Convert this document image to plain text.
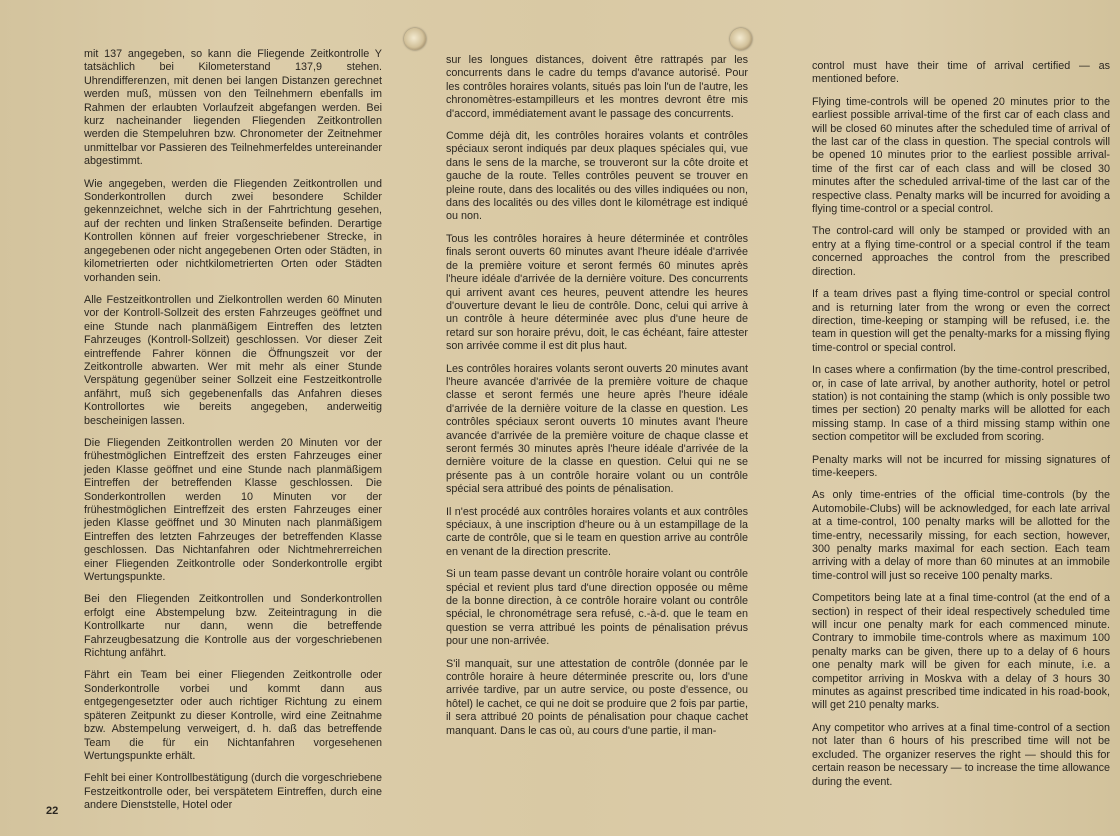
mit 137 angegeben, so kann die Fliegende Zeitkontrolle Y tatsächlich bei Kilometerstand 137,9 stehen. Uhrendifferenzen, mit denen bei langen Distanzen gerechnet werden muß, müssen von den Teilnehmern ebenfalls im Rahmen der erlaubten Vorlaufzeit abgefangen werden. Bei kurz nacheinander liegenden Fliegenden Zeitkontrollen werden die Stempeluhren bzw. Chronometer der Zeitnehmer unmittelbar vor Passieren des Teilnehmerfeldes untereinander abgestimmt.

Wie angegeben, werden die Fliegenden Zeitkontrollen und Sonderkontrollen durch zwei besondere Schilder gekennzeichnet, welche sich in der Fahrtrichtung gesehen, auf der rechten und linken Straßenseite befinden. Derartige Kontrollen können auf freier vorgeschriebener Strecke, in angegebenen oder nicht angegebenen Orten oder Städten, in kilometrierten oder nichtkilometrierten Orten oder Städten vorhanden sein.

Alle Festzeitkontrollen und Zielkontrollen werden 60 Minuten vor der Kontroll-Sollzeit des ersten Fahrzeuges geöffnet und eine Stunde nach planmäßigem Eintreffen des letzten Fahrzeuges (Kontroll-Sollzeit) geschlossen. Vor dieser Zeit eintreffende Fahrer können die Öffnungszeit vor der Zeitkontrolle abwarten. Wer mit mehr als einer Stunde Verspätung gegenüber seiner Sollzeit eine Festzeitkontrolle anfährt, muß sich gegebenenfalls das Anfahren dieses Kontrollortes wie bereits angegeben, anderweitig bescheinigen lassen.

Die Fliegenden Zeitkontrollen werden 20 Minuten vor der frühestmöglichen Eintreffzeit des ersten Fahrzeuges einer jeden Klasse geöffnet und eine Stunde nach planmäßigem Eintreffen der betreffenden Klasse geschlossen. Die Sonderkontrollen werden 10 Minuten vor der frühestmöglichen Eintreffzeit des ersten Fahrzeuges einer jeden Klasse geöffnet und 30 Minuten nach planmäßigem Eintreffen des letzten Fahrzeuges der betreffenden Klasse geschlossen. Das Nichtanfahren oder Nichtmehrerreichen einer Fliegenden Zeitkontrolle oder Sonderkontrolle ergibt Wertungspunkte.

Bei den Fliegenden Zeitkontrollen und Sonderkontrollen erfolgt eine Abstempelung bzw. Zeiteintragung in die Kontrollkarte nur dann, wenn die betreffende Fahrzeugbesatzung die Kontrolle aus der vorgeschriebenen Richtung anfährt.

Fährt ein Team bei einer Fliegenden Zeitkontrolle oder Sonderkontrolle vorbei und kommt dann aus entgegengesetzter oder auch richtiger Richtung zu einem späteren Zeitpunkt zu dieser Kontrolle, wird eine Zeitnahme bzw. Abstempelung verweigert, d. h. daß das betreffende Team die für ein Nichtanfahren vorgesehenen Wertungspunkte erhält.

Fehlt bei einer Kontrollbestätigung (durch die vorgeschriebene Festzeitkontrolle oder, bei verspätetem Eintreffen, durch eine andere Dienststelle, Hotel oder

sur les longues distances, doivent être rattrapés par les concurrents dans le cadre du temps d'avance autorisé. Pour les contrôles horaires volants, situés pas loin l'un de l'autre, les chronomètres-estampilleurs et les montres devront être mis d'accord, immédiatement avant le passage des concurrents.

Comme déjà dit, les contrôles horaires volants et contrôles spéciaux seront indiqués par deux plaques spéciales qui, vue dans le sens de la marche, se trouveront sur la côte droite et gauche de la route. Telles contrôles peuvent se trouver en pleine route, dans des localités ou des villes indiquées ou non, dans des localités ou des villes dont le kilométrage est indiqué ou non.

Tous les contrôles horaires à heure déterminée et contrôles finals seront ouverts 60 minutes avant l'heure idéale d'arrivée de la première voiture et seront fermés 60 minutes après l'heure idéale d'arrivée de la dernière voiture. Des concurrents qui arrivent avant ces heures, peuvent attendre les heures d'ouverture devant le lieu de contrôle. Donc, celui qui arrive à un contrôle à heure déterminée avec plus d'une heure de retard sur son horaire prévu, doit, le cas échéant, faire attester son arrivée comme il est dit plus haut.

Les contrôles horaires volants seront ouverts 20 minutes avant l'heure avancée d'arrivée de la première voiture de chaque classe et seront fermés une heure après l'heure idéale d'arrivée de la dernière voiture de la classe en question. Les contrôles spéciaux seront ouverts 10 minutes avant l'heure avancée d'arrivée de la première voiture de chaque classe et seront fermés 30 minutes après l'heure idéale d'arrivée de la dernière voiture de la classe en question. Celui qui ne se présente pas à un contrôle horaire volant ou un contrôle spécial sera attribué des points de pénalisation.

Il n'est procédé aux contrôles horaires volants et aux contrôles spéciaux, à une inscription d'heure ou à un estampillage de la carte de contrôle, que si le team en question arrive au contrôle en venant de la direction prescrite.

Si un team passe devant un contrôle horaire volant ou contrôle spécial et revient plus tard d'une direction opposée ou même de la bonne direction, à ce contrôle horaire volant ou contrôle spécial, le chronométrage sera refusé, c.-à-d. que le team en question se verra attribué les points de pénalisation prévus pour une non-arrivée.

S'il manquait, sur une attestation de contrôle (donnée par le contrôle horaire à heure déterminée prescrite ou, lors d'une arrivée tardive, par un autre service, ou poste d'essence, ou hôtel) le cachet, ce qui ne doit se produire que 2 fois par partie, il sera attribué 20 points de pénalisation pour chaque cachet manquant. Dans le cas où, au cours d'une partie, il man-

control must have their time of arrival certified — as mentioned before.

Flying time-controls will be opened 20 minutes prior to the earliest possible arrival-time of the first car of each class and will be closed 60 minutes after the scheduled time of arrival of the last car of the class in question. The special controls will be opened 10 minutes prior to the earliest possible arrival-time of the first car of each class and will be closed 30 minutes after the scheduled arrival-time of the last car of the respective class. Penalty marks will be incurred for avoiding a flying time-control or a special control.

The control-card will only be stamped or provided with an entry at a flying time-control or a special control if the team concerned approaches the control from the prescribed direction.

If a team drives past a flying time-control or special control and is returning later from the wrong or even the correct direction, time-keeping or stamping will be refused, i.e. the team in question will get the penalty-marks for a missing flying time-control or special control.

In cases where a confirmation (by the time-control prescribed, or, in case of late arrival, by another authority, hotel or petrol station) is not containing the stamp (which is only possible two times per section) 20 penalty marks will be allotted for each missing stamp. In case of a third missing stamp within one section competitor will be excluded from scoring.

Penalty marks will not be incurred for missing signatures of time-keepers.

As only time-entries of the official time-controls (by the Automobile-Clubs) will be acknowledged, for each late arrival at a time-control, 100 penalty marks will be allotted for the time-entry, necessarily missing, for each section, however, 300 penalty marks maximal for each section. Each team arriving with a delay of more than 60 minutes at an immobile time-control will just so receive 100 penalty marks.

Competitors being late at a final time-control (at the end of a section) in respect of their ideal respectively scheduled time will incur one penalty mark for each commenced minute. Contrary to immobile time-controls where as maximum 100 penalty marks can be given, there up to a delay of 6 hours one penalty mark will be given for each minute, i.e. a competitor arriving in Moskva with a delay of 3 hours 30 minutes as against prescribed time indicated in his road-book, will get 210 penalty marks.

Any competitor who arrives at a final time-control of a section not later than 6 hours of his prescribed time will not be excluded. The organizer reserves the right — should this for certain reason be necessary — to increase the time allowance during the event.

22
